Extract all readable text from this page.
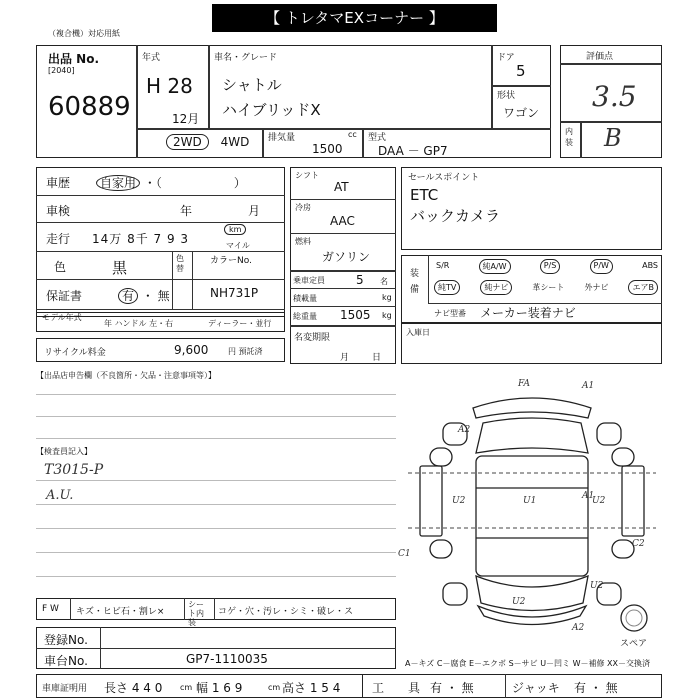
【 トレタマEXコーナー 】
（複合機）対応用紙
出品 No.
[2040]
60889
年式
H 28
12月
車名・グレード
シャトル
ハイブリッドX
ドア
5
形状
ワゴン
2WD 4WD 排気量	cc
1500
型式
DAA － GP7
評価点
3.5
内装 B
車歴	自家用 ・（　　　　　　）
車検	年	月
走行 14万 8千 7 9 3
km
マイル
色	黒
色替
カラーNo.
NH731P
保証書	有 ・ 無
モデル年式
年 ハンドル 左・右	ディーラー・並行
リサイクル料金	9,600 円 預託済
シフト
AT
冷房
AAC
燃料
ガソリン
乗車定員	5 名
積載量	kg
総重量 1505 kg
名変期限
月	日
セールスポイント
ETC
バックカメラ
装備
S/R	純A/W	P/S	P/W	ABS
純TV	純ナビ	革シート	外ナビ	エアB
ナビ型番 メーカー装着ナビ
入庫日
【出品店申告欄（不良箇所・欠品・注意事項等）】
【検査員記入】
T3015-P
A.U.
FA	A1
A2
U1
U2	U2
A1
C1
C2
U2
A2
U2
スペア
F W キズ・ヒビ石・割レ×
シート内装
コゲ・穴・汚レ・シミ・破レ・ス
登録No.
車台No.	GP7-1110035	A－キズ C－腐食 E－エクボ S－サビ U－凹ミ W－補修 XX－交換済
車庫証明用 長さ 4 4 0 cm 幅 1 6 9	cm 高さ 1 5 4	工　　具 有 ・ 無	ジャッキ 有 ・ 無
